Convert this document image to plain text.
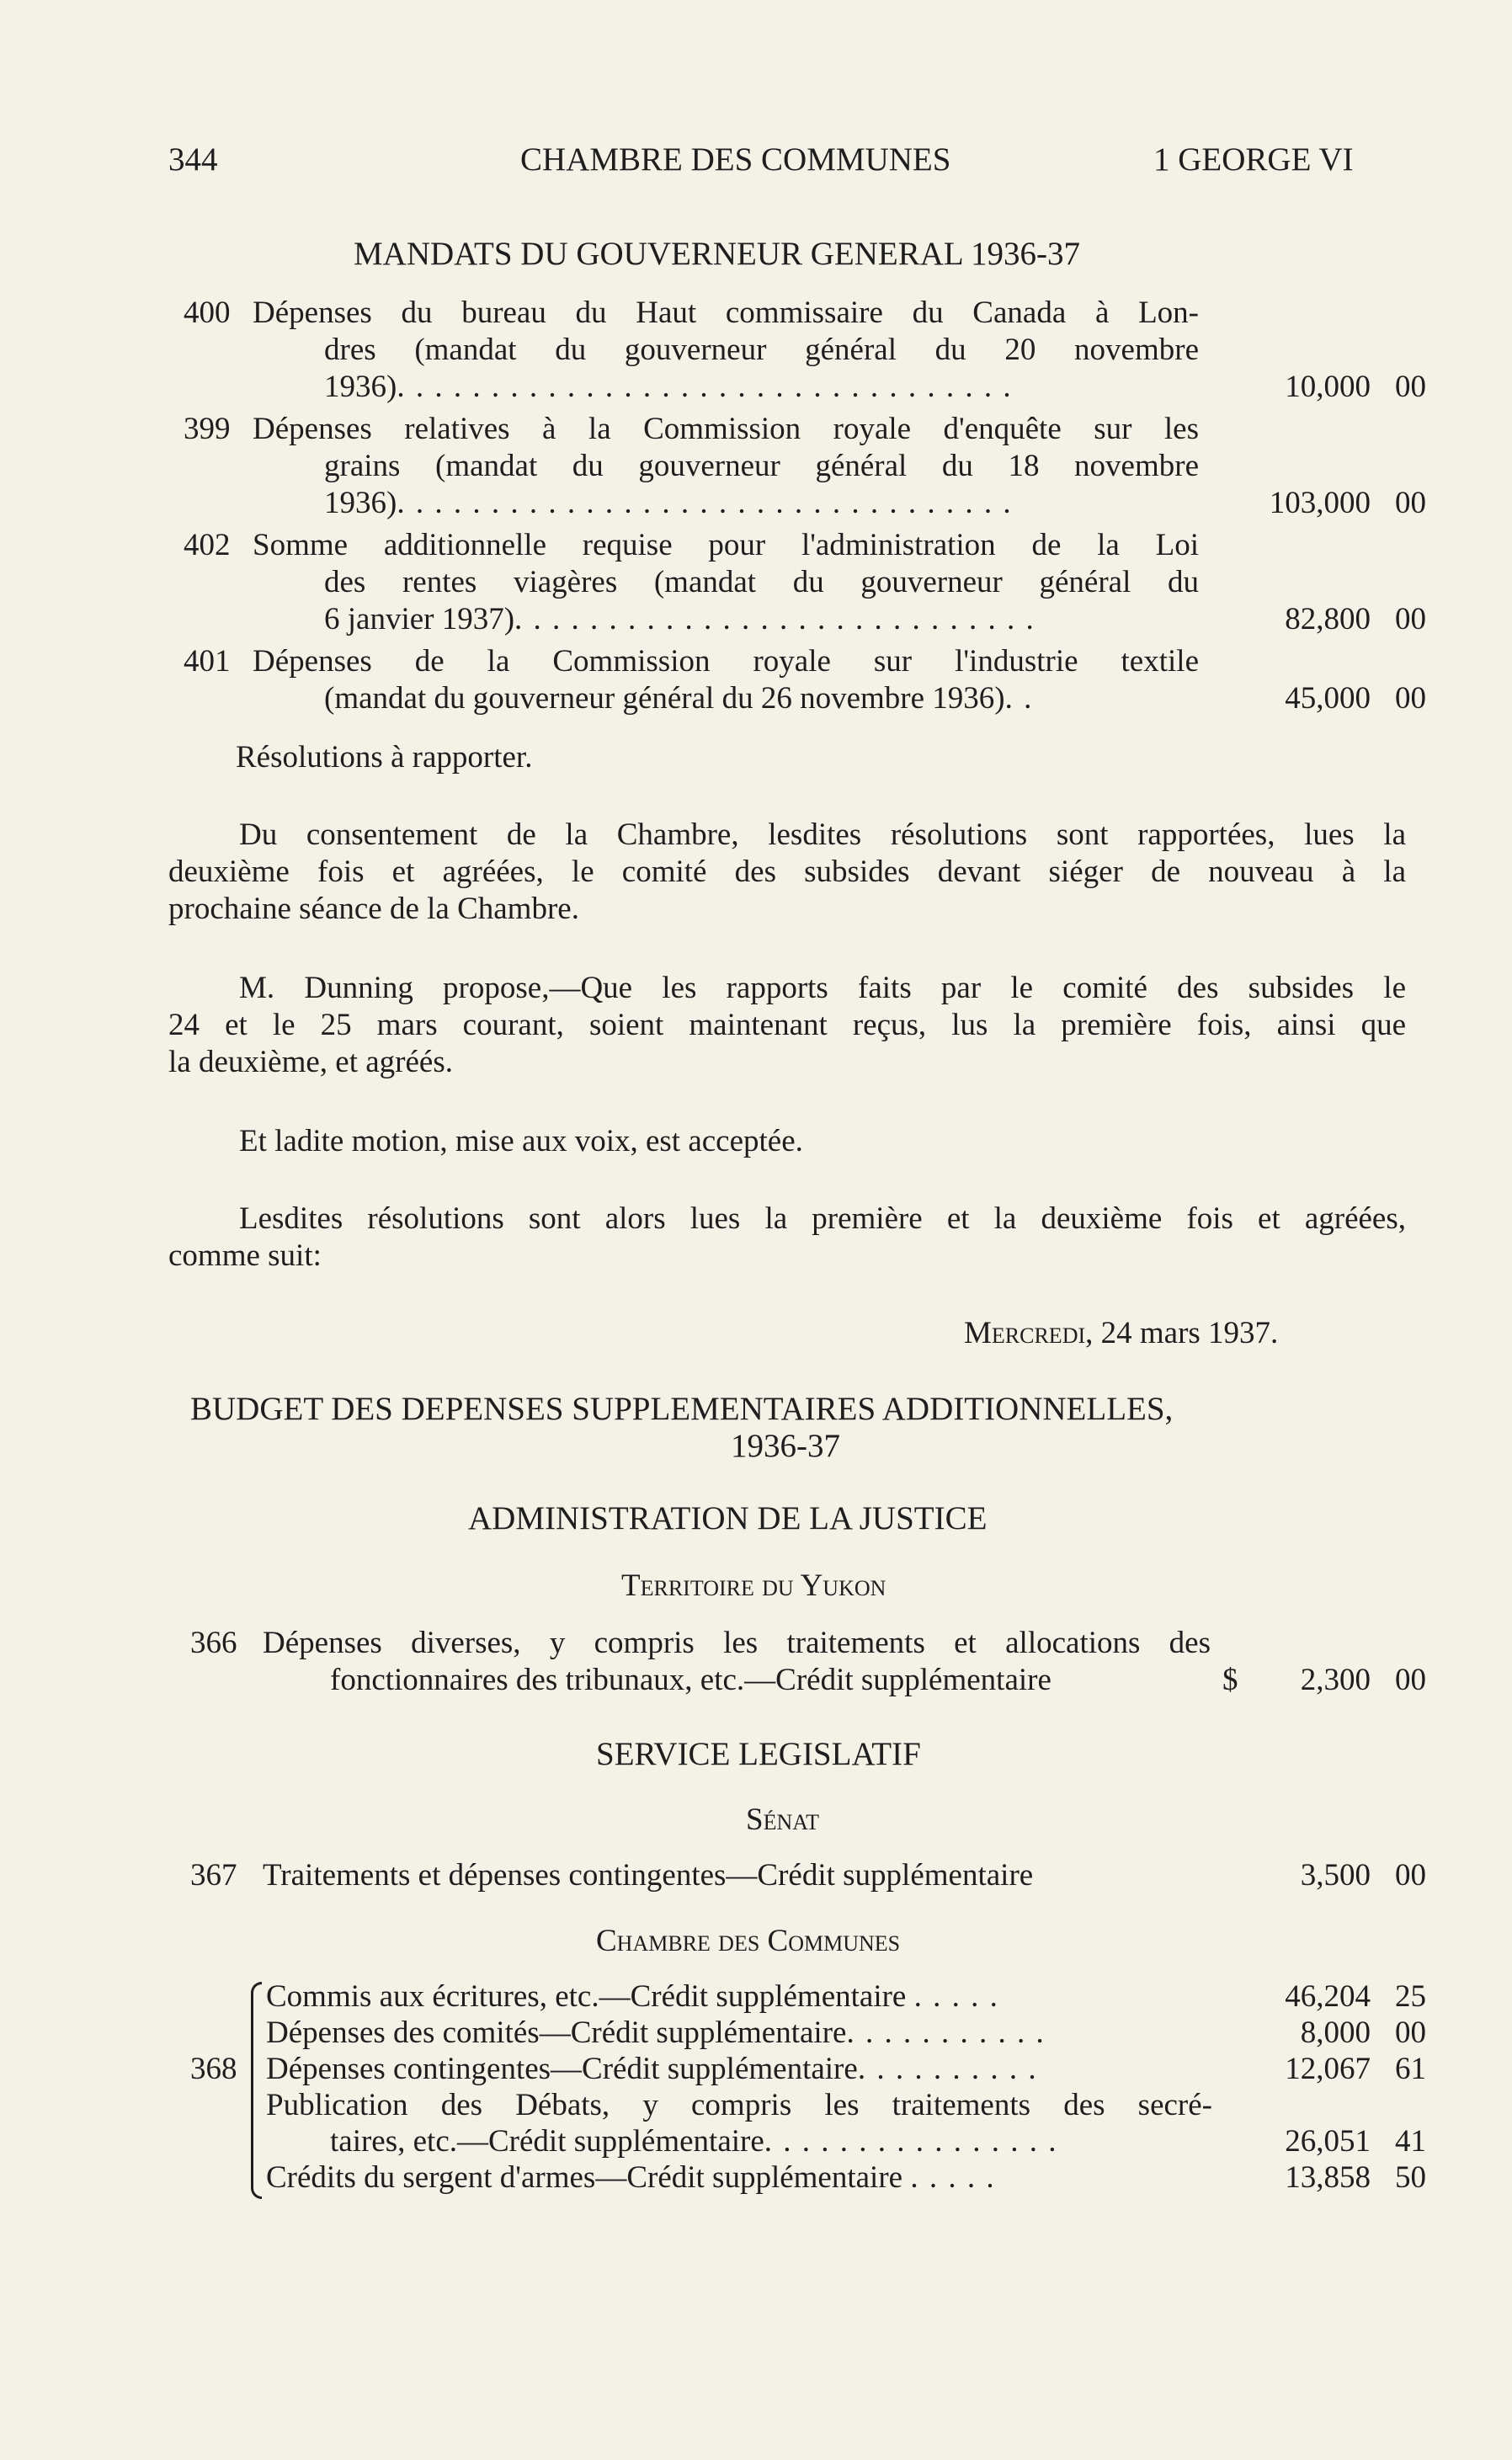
344	CHAMBRE DES COMMUNES	1 GEORGE VI
MANDATS DU GOUVERNEUR GENERAL 1936-37
400 Dépenses du bureau du Haut commissaire du Canada à Lon-
dres (mandat du gouverneur général du 20 novembre
1936). . . . . . . . . . . . . . . . . . . . . . . . . . . . . . . . .	10,000 00
399 Dépenses relatives à la Commission royale d'enquête sur les
grains (mandat du gouverneur général du 18 novembre
1936). . . . . . . . . . . . . . . . . . . . . . . . . . . . . . . . .	103,000 00
402 Somme additionnelle requise pour l'administration de la Loi
des rentes viagères (mandat du gouverneur général du
6 janvier 1937). . . . . . . . . . . . . . . . . . . . . . . . . . . .	82,800 00
401 Dépenses de la Commission royale sur l'industrie textile
(mandat du gouverneur général du 26 novembre 1936). .	45,000 00
Résolutions à rapporter.
Du consentement de la Chambre, lesdites résolutions sont rapportées, lues la
deuxième fois et agréées, le comité des subsides devant siéger de nouveau à la
prochaine séance de la Chambre.
M. Dunning propose,—Que les rapports faits par le comité des subsides le
24 et le 25 mars courant, soient maintenant reçus, lus la première fois, ainsi que
la deuxième, et agréés.
Et ladite motion, mise aux voix, est acceptée.
Lesdites résolutions sont alors lues la première et la deuxième fois et agréées,
comme suit:
Mercredi, 24 mars 1937.
BUDGET DES DEPENSES SUPPLEMENTAIRES ADDITIONNELLES,
1936-37
ADMINISTRATION DE LA JUSTICE
Territoire du Yukon
366 Dépenses diverses, y compris les traitements et allocations des
fonctionnaires des tribunaux, etc.—Crédit supplémentaire	$	2,300 00
SERVICE LEGISLATIF
Sénat
367 Traitements et dépenses contingentes—Crédit supplémentaire	3,500 00
Chambre des Communes
368
Commis aux écritures, etc.—Crédit supplémentaire . . . . .	46,204 25
Dépenses des comités—Crédit supplémentaire. . . . . . . . . . .	8,000 00
Dépenses contingentes—Crédit supplémentaire. . . . . . . . . .	12,067 61
Publication des Débats, y compris les traitements des secré-
taires, etc.—Crédit supplémentaire. . . . . . . . . . . . . . . .	26,051 41
Crédits du sergent d'armes—Crédit supplémentaire . . . . .	13,858 50
